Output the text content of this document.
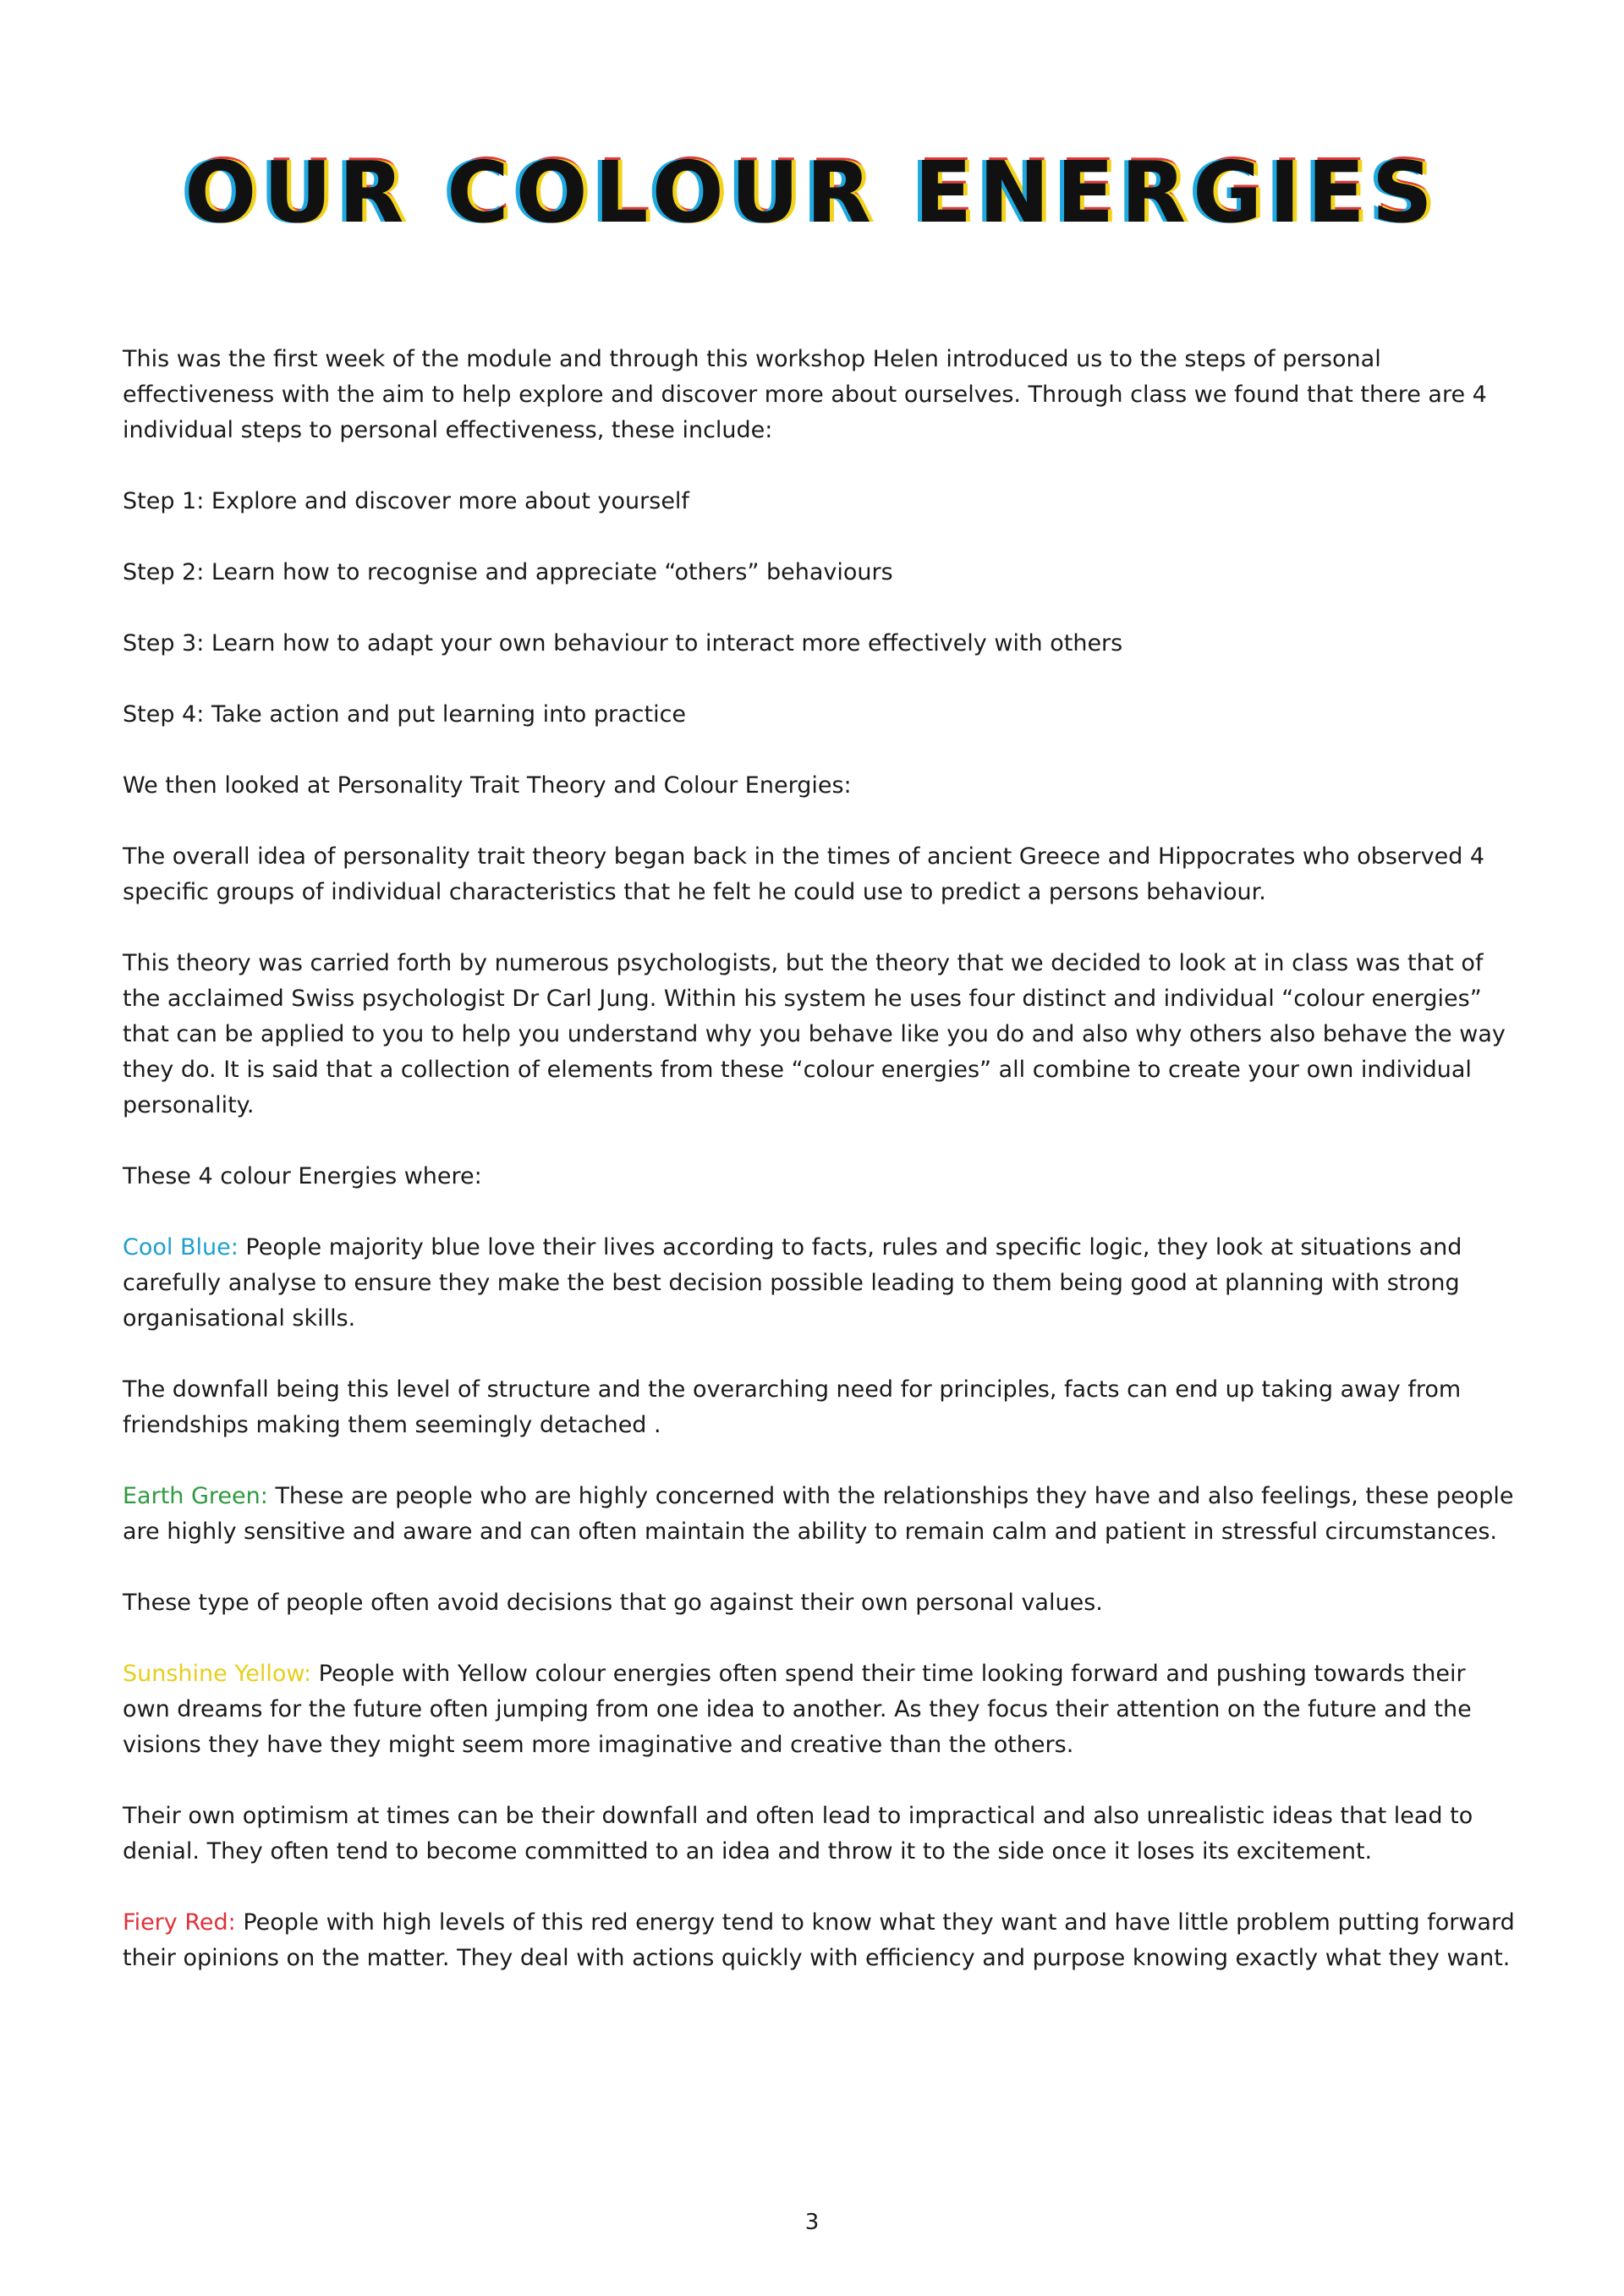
OUR COLOUR ENERGIES

This was the first week of the module and through this workshop Helen introduced us to the steps of personal effectiveness with the aim to help explore and discover more about ourselves. Through class we found that there are 4 individual steps to personal effectiveness, these include:

Step 1: Explore and discover more about yourself

Step 2: Learn how to recognise and appreciate “others” behaviours

Step 3: Learn how to adapt your own behaviour to interact more effectively with others

Step 4: Take action and put learning into practice

We then looked at Personality Trait Theory and Colour Energies:

The overall idea of personality trait theory began back in the times of ancient Greece and Hippocrates who observed 4 specific groups of individual characteristics that he felt he could use to predict a persons behaviour.

This theory was carried forth by numerous psychologists, but the theory that we decided to look at in class was that of the acclaimed Swiss psychologist Dr Carl Jung. Within his system he uses four distinct and individual “colour energies” that can be applied to you to help you understand why you behave like you do and also why others also behave the way they do. It is said that a collection of elements from these “colour energies” all combine to create your own individual personality.

These 4 colour Energies where:

Cool Blue: People majority blue love their lives according to facts, rules and specific logic, they look at situations and carefully analyse to ensure they make the best decision possible leading to them being good at planning with strong organisational skills.

The downfall being this level of structure and the overarching need for principles, facts can end up taking away from friendships making them seemingly detached .

Earth Green: These are people who are highly concerned with the relationships they have and also feelings, these people are highly sensitive and aware and can often maintain the ability to remain calm and patient in stressful circumstances.

These type of people often avoid decisions that go against their own personal values.

Sunshine Yellow: People with Yellow colour energies often spend their time looking forward and pushing towards their own dreams for the future often jumping from one idea to another. As they focus their attention on the future and the visions they have they might seem more imaginative and creative than the others.

Their own optimism at times can be their downfall and often lead to impractical and also unrealistic ideas that lead to denial. They often tend to become committed to an idea and throw it to the side once it loses its excitement.

Fiery Red: People with high levels of this red energy tend to know what they want and have little problem putting forward their opinions on the matter. They deal with actions quickly with efficiency and purpose knowing exactly what they want.

3
